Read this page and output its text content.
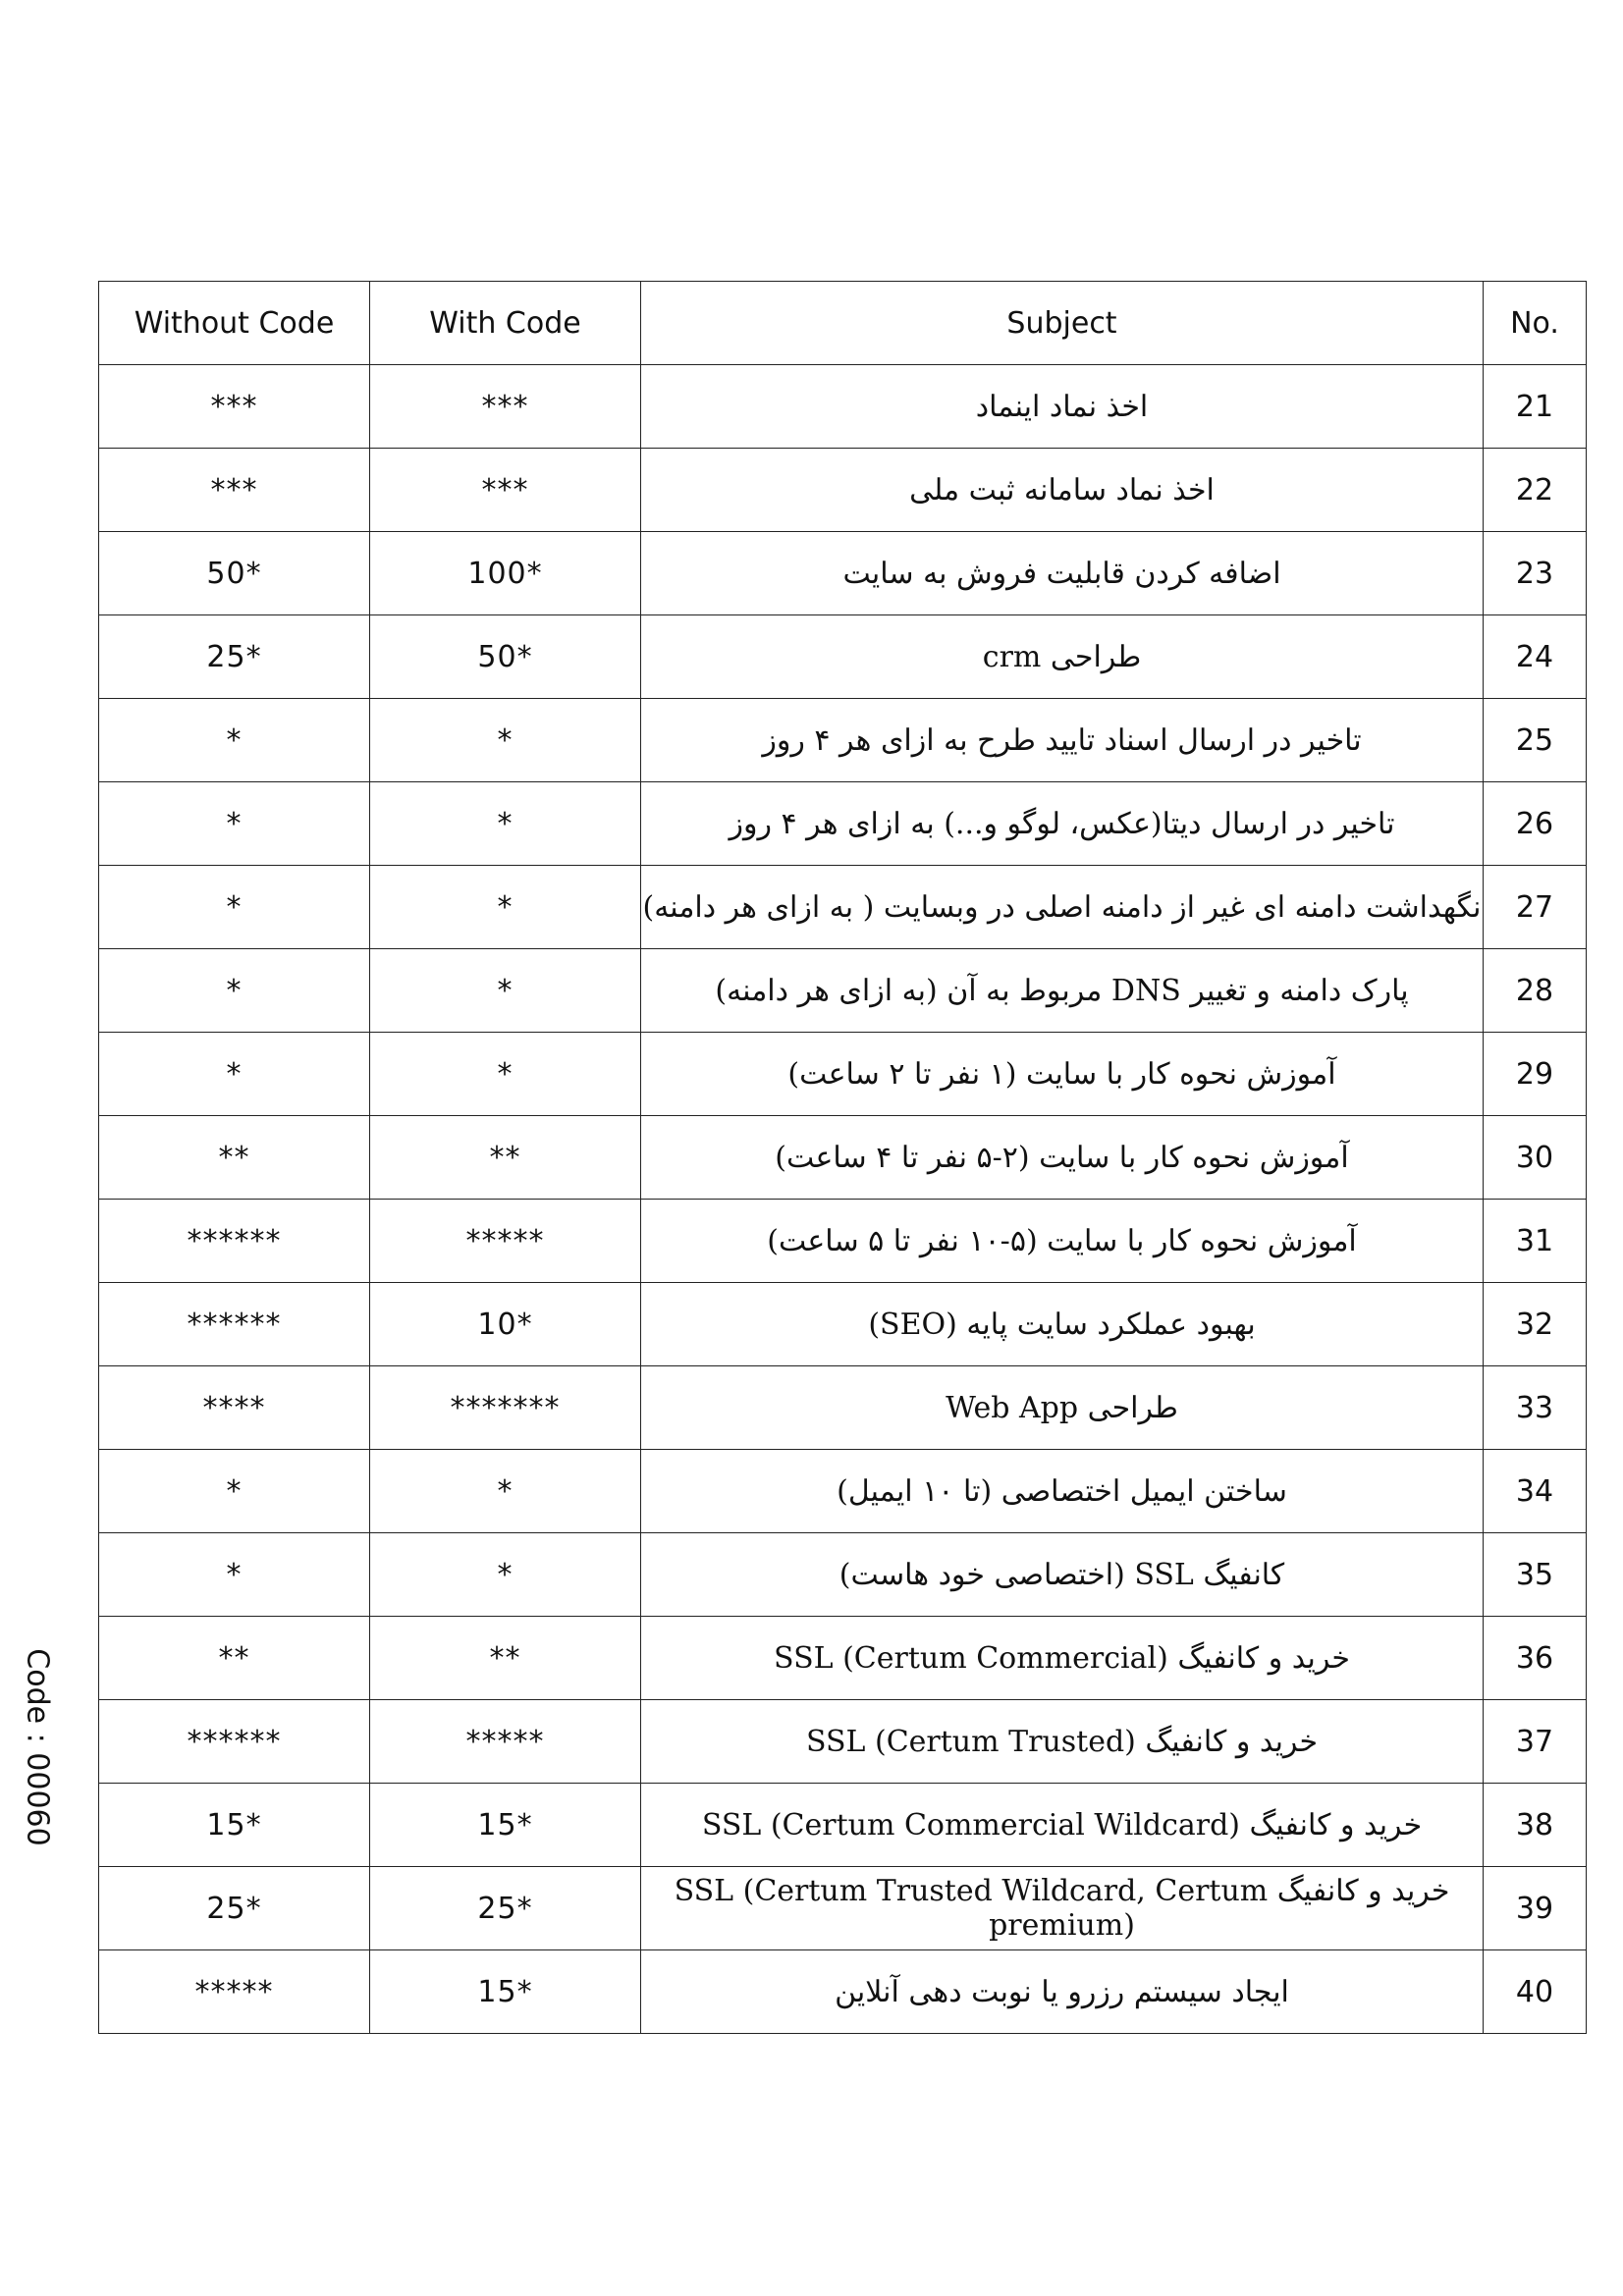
Without Code	With Code	Subject	No.
***	***	اخذ نماد اینماد	21
***	***	اخذ نماد سامانه ثبت ملی	22
50*	100*	اضافه کردن قابلیت فروش به سایت	23
25*	50*	طراحی crm	24
*	*	تاخیر در ارسال اسناد تایید طرح به ازای هر ۴ روز	25
*	*	تاخیر در ارسال دیتا(عکس، لوگو و...) به ازای هر ۴ روز	26
*	*	نگهداشت دامنه ای غیر از دامنه اصلی در وبسایت ( به ازای هر دامنه)	27
*	*	پارک دامنه و تغییر DNS مربوط به آن (به ازای هر دامنه)	28
*	*	آموزش نحوه کار با سایت (۱ نفر تا ۲ ساعت)	29
**	**	آموزش نحوه کار با سایت (۲-۵ نفر تا ۴ ساعت)	30
******	*****	آموزش نحوه کار با سایت (۵-۱۰ نفر تا ۵ ساعت)	31
******	10*	بهبود عملکرد سایت پایه (SEO)	32
****	*******	طراحی Web App	33
*	*	ساختن ایمیل اختصاصی (تا ۱۰ ایمیل)	34
*	*	کانفیگ SSL (اختصاصی خود هاست)	35
**	**	خرید و کانفیگ SSL (Certum Commercial)	36
******	*****	خرید و کانفیگ SSL (Certum Trusted)	37
15*	15*	خرید و کانفیگ SSL (Certum Commercial Wildcard)	38
25*	25*	خرید و کانفیگ SSL (Certum Trusted Wildcard, Certum premium)	39
*****	15*	ایجاد سیستم رزرو یا نوبت دهی آنلاین	40
Code : 00060
